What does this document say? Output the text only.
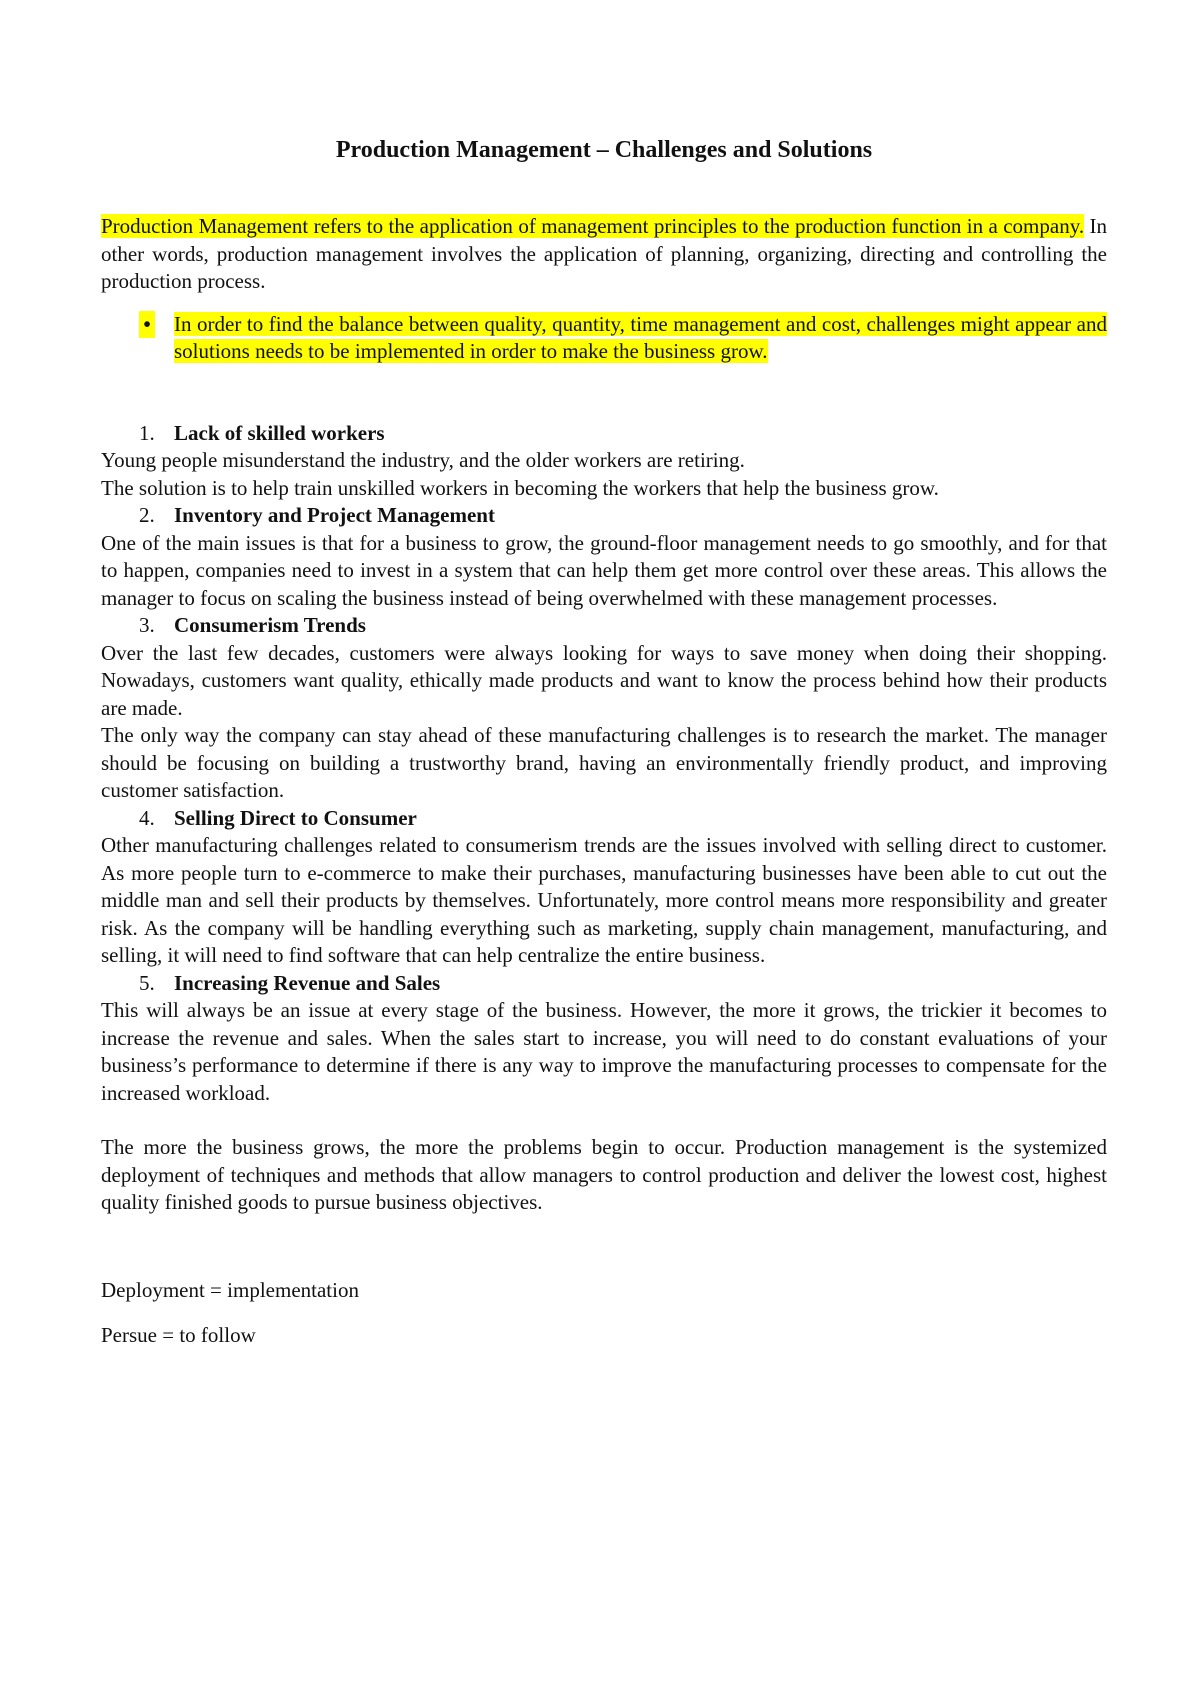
Production Management – Challenges and Solutions

Production Management refers to the application of management principles to the production function in a company. In other words, production management involves the application of planning, organizing, directing and controlling the production process.

• In order to find the balance between quality, quantity, time management and cost, challenges might appear and solutions needs to be implemented in order to make the business grow.

1. Lack of skilled workers

Young people misunderstand the industry, and the older workers are retiring.

The solution is to help train unskilled workers in becoming the workers that help the business grow.

2. Inventory and Project Management

One of the main issues is that for a business to grow, the ground-floor management needs to go smoothly, and for that to happen, companies need to invest in a system that can help them get more control over these areas. This allows the manager to focus on scaling the business instead of being overwhelmed with these management processes.

3. Consumerism Trends

Over the last few decades, customers were always looking for ways to save money when doing their shopping. Nowadays, customers want quality, ethically made products and want to know the process behind how their products are made.

The only way the company can stay ahead of these manufacturing challenges is to research the market. The manager should be focusing on building a trustworthy brand, having an environmentally friendly product, and improving customer satisfaction.

4. Selling Direct to Consumer

Other manufacturing challenges related to consumerism trends are the issues involved with selling direct to customer. As more people turn to e-commerce to make their purchases, manufacturing businesses have been able to cut out the middle man and sell their products by themselves. Unfortunately, more control means more responsibility and greater risk. As the company will be handling everything such as marketing, supply chain management, manufacturing, and selling, it will need to find software that can help centralize the entire business.

5. Increasing Revenue and Sales

This will always be an issue at every stage of the business. However, the more it grows, the trickier it becomes to increase the revenue and sales. When the sales start to increase, you will need to do constant evaluations of your business’s performance to determine if there is any way to improve the manufacturing processes to compensate for the increased workload.

The more the business grows, the more the problems begin to occur. Production management is the systemized deployment of techniques and methods that allow managers to control production and deliver the lowest cost, highest quality finished goods to pursue business objectives.

Deployment = implementation

Persue = to follow
